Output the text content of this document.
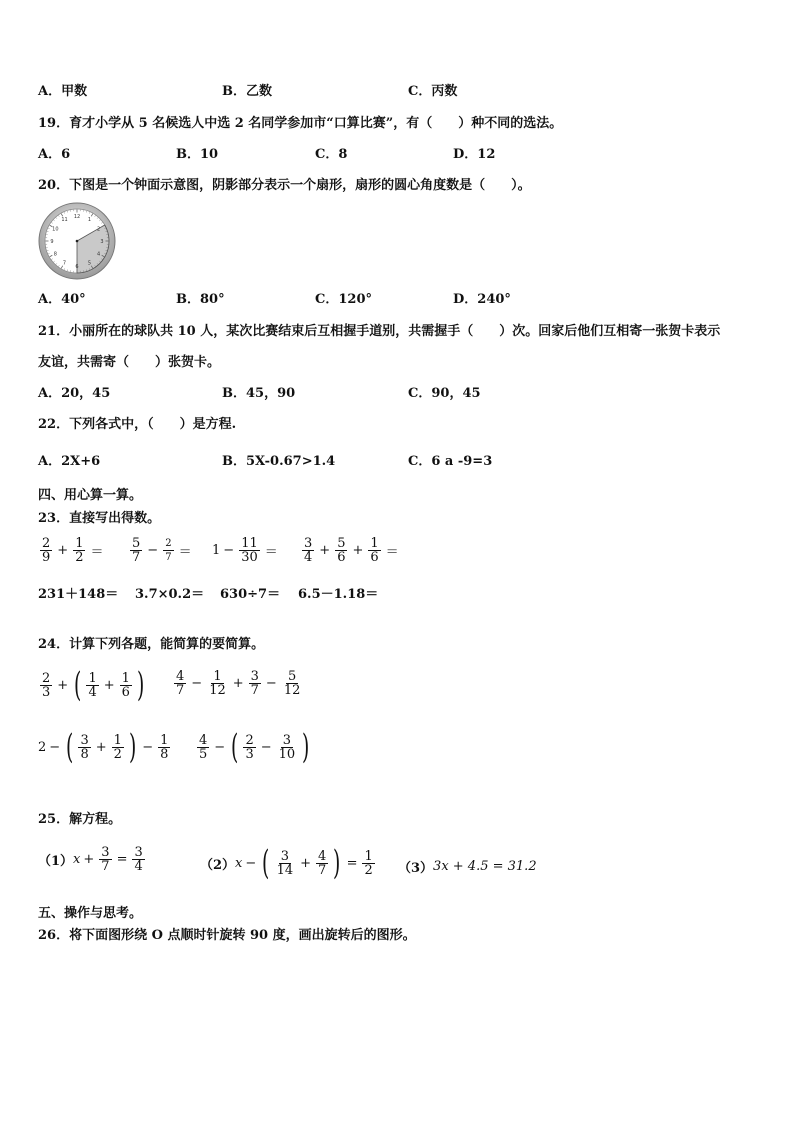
A．甲数	B．乙数	C．丙数
19．育才小学从 5 名候选人中选 2 名同学参加市“口算比赛”，有（　　）种不同的选法。
A．6	B．10	C．8	D．12
20．下图是一个钟面示意图，阴影部分表示一个扇形，扇形的圆心角度数是（　　）。
12
1
2
3
4
5
6
7
8
9
10
11
A．40°	B．80°	C．120°	D．240°
21．小丽所在的球队共 10 人，某次比赛结束后互相握手道别，共需握手（　　）次。回家后他们互相寄一张贺卡表示
友谊，共需寄（　　）张贺卡。
A．20，45	B．45，90	C．90，45
22．下列各式中，（　　）是方程.
A．2X+6	B．5X-0.67>1.4	C．6 a -9=3
四、用心算一算。
23．直接写出得数。
2
$9 + \frac{1}{2}$ ＝
5
$7 - \frac{2}{7} = 1 - \frac{11}{30}$ ＝
3
$4 + \frac{5}{6} + \frac{1}{6}$ ＝
231＋148＝ 3.7×0.2＝ 630÷7＝ 6.5－1.18＝
24．计算下列各题，能简算的要简算。
2
3 + ( 1
$4 + \frac{1}{6}$ ) 4
$7 - \frac{1}{12} + \frac{3}{7} - \frac{5}{12}$
2 − ( 3
$8 + \frac{1}{2}$ ) − $\frac{1}{8} 4$
5 − ( 2
$3 - \frac{3}{10}$ )
25．解方程。
（1） $x + \frac{3}{7} = \frac{3}{4}$	（2） x − ( 3
$14 + \frac{4}{7}$ ) = $\frac{1}{2} (3) 3x + 4.5 = 31.2$
五、操作与思考。
26．将下面图形绕 O 点顺时针旋转 90 度，画出旋转后的图形。
